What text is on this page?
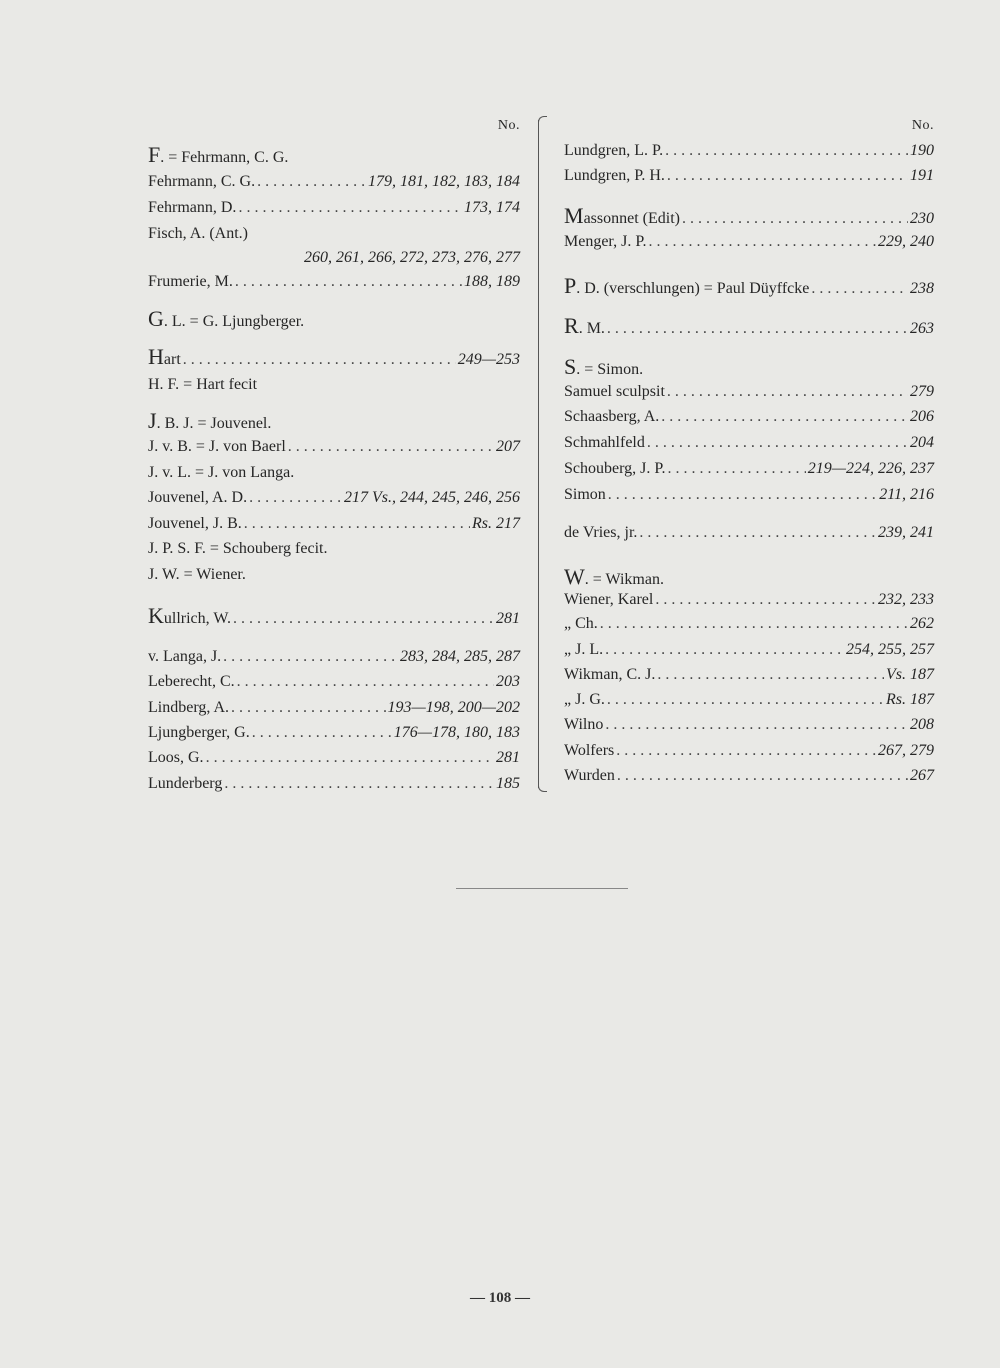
No.
F. = Fehrmann, C. G.
Fehrmann, C. G. . . .	179, 181, 182, 183, 184
Fehrmann, D. . . .	173, 174
Fisch, A. (Ant.)
260, 261, 266, 272, 273, 276, 277
Frumerie, M. . . .	188, 189
G. L. = G. Ljungberger.
Hart . . .	249—253
H. F. = Hart fecit
J. B. J. = Jouvenel.
J. v. B. = J. von Baerl . . .	207
J. v. L. = J. von Langa.
Jouvenel, A. D. . . .	217 Vs., 244, 245, 246, 256
Jouvenel, J. B. . . .	Rs. 217
J. P. S. F. = Schouberg fecit.
J. W. = Wiener.
Kullrich, W. . . .	281
v. Langa, J. . . .	283, 284, 285, 287
Leberecht, C. . . .	203
Lindberg, A. . . .	193—198, 200—202
Ljungberger, G. . . .	176—178, 180, 183
Loos, G. . . .	281
Lunderberg . . .	185
No.
Lundgren, L. P. . . .	190
Lundgren, P. H. . . .	191
Massonnet (Edit) . . .	230
Menger, J. P. . . .	229, 240
P. D. (verschlungen) = Paul Düyffcke . . .	238
R. M. . . .	263
S. = Simon.
Samuel sculpsit . . .	279
Schaasberg, A. . . .	206
Schmahlfeld . . .	204
Schouberg, J. P. . . .	219—224, 226, 237
Simon . . .	211, 216
de Vries, jr. . . .	239, 241
W. = Wikman.
Wiener, Karel . . .	232, 233
„ Ch. . . .	262
„ J. L. . . .	254, 255, 257
Wikman, C. J. . . .	Vs. 187
„ J. G. . . .	Rs. 187
Wilno . . .	208
Wolfers . . .	267, 279
Wurden . . .	267
— 108 —
